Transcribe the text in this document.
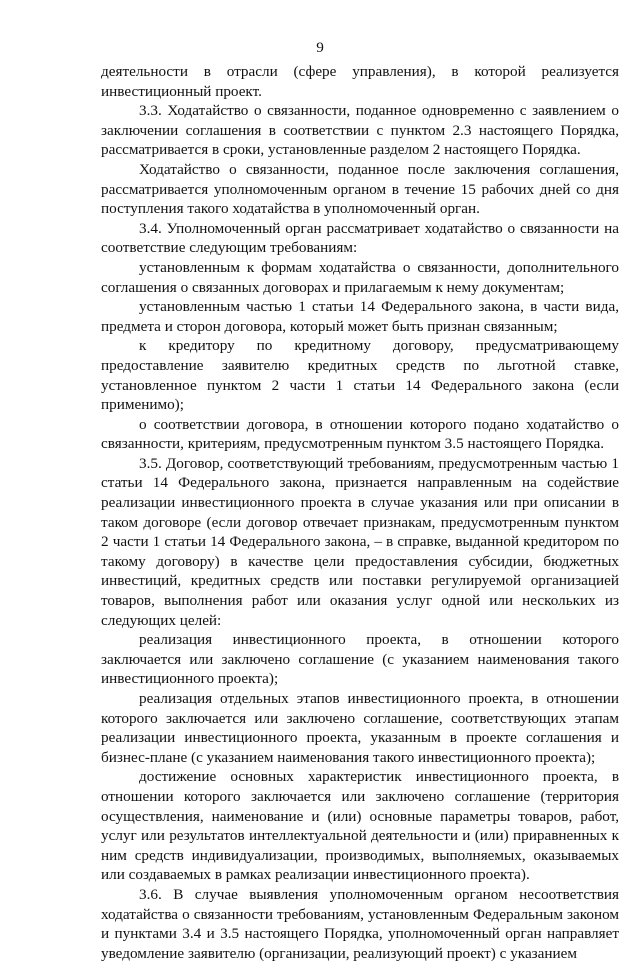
9

деятельности в отрасли (сфере управления), в которой реализуется инвестиционный проект.

3.3. Ходатайство о связанности, поданное одновременно с заявлением о заключении соглашения в соответствии с пунктом 2.3 настоящего Порядка, рассматривается в сроки, установленные разделом 2 настоящего Порядка.

Ходатайство о связанности, поданное после заключения соглашения, рассматривается уполномоченным органом в течение 15 рабочих дней со дня поступления такого ходатайства в уполномоченный орган.

3.4. Уполномоченный орган рассматривает ходатайство о связанности на соответствие следующим требованиям:

установленным к формам ходатайства о связанности, дополнительного соглашения о связанных договорах и прилагаемым к нему документам;

установленным частью 1 статьи 14 Федерального закона, в части вида, предмета и сторон договора, который может быть признан связанным;

к кредитору по кредитному договору, предусматривающему предоставление заявителю кредитных средств по льготной ставке, установленное пунктом 2 части 1 статьи 14 Федерального закона (если применимо);

о соответствии договора, в отношении которого подано ходатайство о связанности, критериям, предусмотренным пунктом 3.5 настоящего Порядка.

3.5. Договор, соответствующий требованиям, предусмотренным частью 1 статьи 14 Федерального закона, признается направленным на содействие реализации инвестиционного проекта в случае указания или при описании в таком договоре (если договор отвечает признакам, предусмотренным пунктом 2 части 1 статьи 14 Федерального закона, – в справке, выданной кредитором по такому договору) в качестве цели предоставления субсидии, бюджетных инвестиций, кредитных средств или поставки регулируемой организацией товаров, выполнения работ или оказания услуг одной или нескольких из следующих целей:

реализация инвестиционного проекта, в отношении которого заключается или заключено соглашение (с указанием наименования такого инвестиционного проекта);

реализация отдельных этапов инвестиционного проекта, в отношении которого заключается или заключено соглашение, соответствующих этапам реализации инвестиционного проекта, указанным в проекте соглашения и бизнес-плане (с указанием наименования такого инвестиционного проекта);

достижение основных характеристик инвестиционного проекта, в отношении которого заключается или заключено соглашение (территория осуществления, наименование и (или) основные параметры товаров, работ, услуг или результатов интеллектуальной деятельности и (или) приравненных к ним средств индивидуализации, производимых, выполняемых, оказываемых или создаваемых в рамках реализации инвестиционного проекта).

3.6. В случае выявления уполномоченным органом несоответствия ходатайства о связанности требованиям, установленным Федеральным законом и пунктами 3.4 и 3.5 настоящего Порядка, уполномоченный орган направляет уведомление заявителю (организации, реализующий проект) с указанием
